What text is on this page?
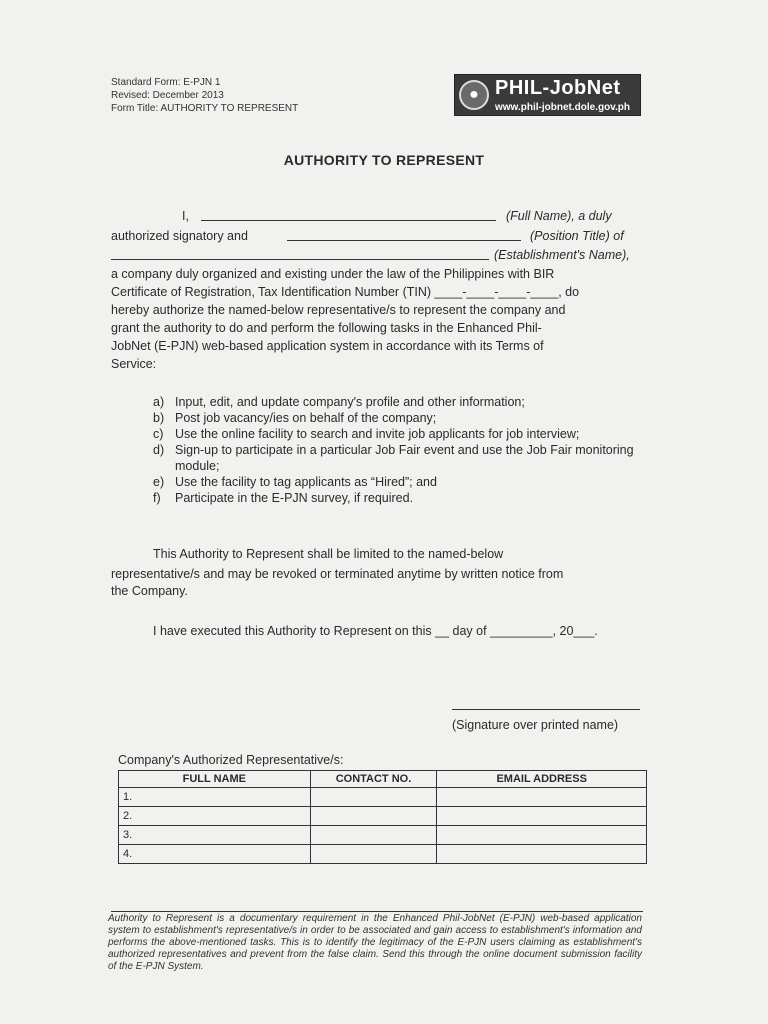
Standard Form: E-PJN 1
Revised: December 2013
Form Title: AUTHORITY TO REPRESENT
● PHIL-JobNet
www.phil-jobnet.dole.gov.ph
AUTHORITY TO REPRESENT
I,	(Full Name), a duly
authorized signatory and	(Position Title) of
(Establishment's Name),
a company duly organized and existing under the law of the Philippines with BIR
Certificate of Registration, Tax Identification Number (TIN) ____-____-____-____, do
hereby authorize the named-below representative/s to represent the company and
grant the authority to do and perform the following tasks in the Enhanced Phil-
JobNet (E-PJN) web-based application system in accordance with its Terms of
Service:
a) Input, edit, and update company's profile and other information;
b) Post job vacancy/ies on behalf of the company;
c) Use the online facility to search and invite job applicants for job interview;
d) Sign-up to participate in a particular Job Fair event and use the Job Fair monitoring module;
e) Use the facility to tag applicants as “Hired”; and
f) Participate in the E-PJN survey, if required.
This Authority to Represent shall be limited to the named-below
representative/s and may be revoked or terminated anytime by written notice from
the Company.
I have executed this Authority to Represent on this __ day of _________, 20___.
(Signature over printed name)
Company's Authorized Representative/s:
FULL NAME	CONTACT NO.	EMAIL ADDRESS
1.		
2.		
3.		
4.		
Authority to Represent is a documentary requirement in the Enhanced Phil-JobNet (E-PJN) web-based application system to establishment's representative/s in order to be associated and gain access to establishment's information and performs the above-mentioned tasks. This is to identify the legitimacy of the E-PJN users claiming as establishment's authorized representatives and prevent from the false claim. Send this through the online document submission facility of the E-PJN System.
